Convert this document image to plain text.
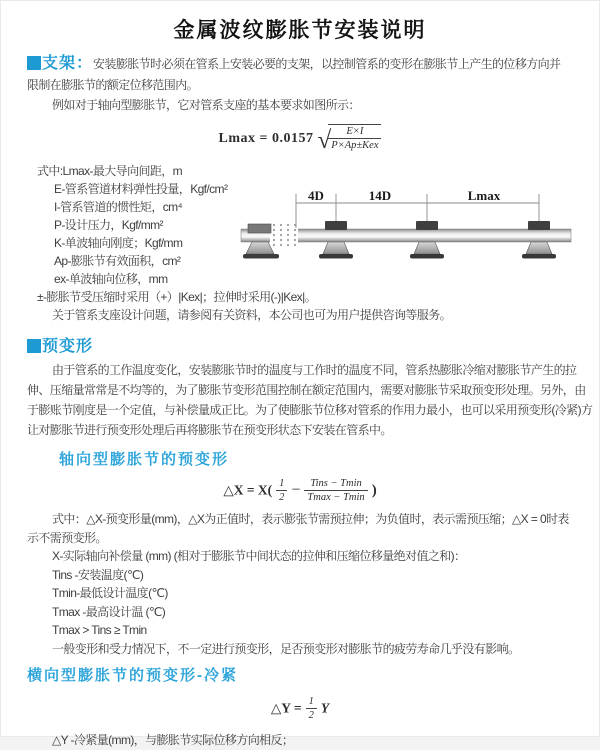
金属波纹膨胀节安装说明
支架：安装膨胀节时必须在管系上安装必要的支架，以控制管系的变形在膨胀节上产生的位移方向并
限制在膨胀节的额定位移范围内。
例如对于轴向型膨胀节，它对管系支座的基本要求如图所示：
Lmax = 0.0157 √
$\frac{E\times I}{\text{P×Ap±Kex}}$
式中:Lmax-最大导向间距，m
E-管系管道材料弹性投量，Kgf/cm²
I-管系管道的惯性矩，cm⁴
P-设计压力，Kgf/mm²
K-单波轴向刚度；Kgf/mm
Ap-膨胀节有效面积，cm²
ex-单波轴向位移，mm
±-膨胀节受压缩时采用（+）|Kex|；拉伸时采用(-)|Kex|。
关于管系支座设计问题，请参阅有关资料，本公司也可为用户提供咨询等服务。
4D	14D	Lmax
预变形
由于管系的工作温度变化，安装膨胀节时的温度与工作时的温度不同，管系热膨胀冷缩对膨胀节产生的拉
伸、压缩量常常是不均等的，为了膨胀节变形范围控制在额定范围内，需要对膨胀节采取预变形处理。另外，由
于膨账节刚度是一个定值，与补偿量成正比。为了使膨胀节位移对管系的作用力最小，也可以采用预变形(冷紧)方
让对膨胀节进行预变形处理后再将膨胀节在预变形状态下安装在管系中。
轴向型膨胀节的预变形
△X = $X( \frac{1}{2} - \frac{\text{Tins − Tmin}}{Tmax - Tmin}$ )
式中：△X-预变形量(mm)，△X为正值时，表示膨张节需预拉伸；为负值时，表示需预压缩；△X = 0时表
示不需预变形。
X-实际轴向补偿量 (mm) (相对于膨胀节中间状态的拉伸和压缩位移量绝对值之和)：
Tins -安装温度(℃)
Tmin-最低设计温度(℃)
Tmax -最高设计温 (℃)
Tmax > Tins ≥ Tmin
一般变形和受力情况下，不一定进行预变形，足否预变形对膨胀节的疲劳寿命几乎没有影响。
横向型膨胀节的预变形-冷紧
△Y = $\frac{1}{2}$ Y
△Y -冷紧量(mm)，与膨胀节实际位移方向相反；
